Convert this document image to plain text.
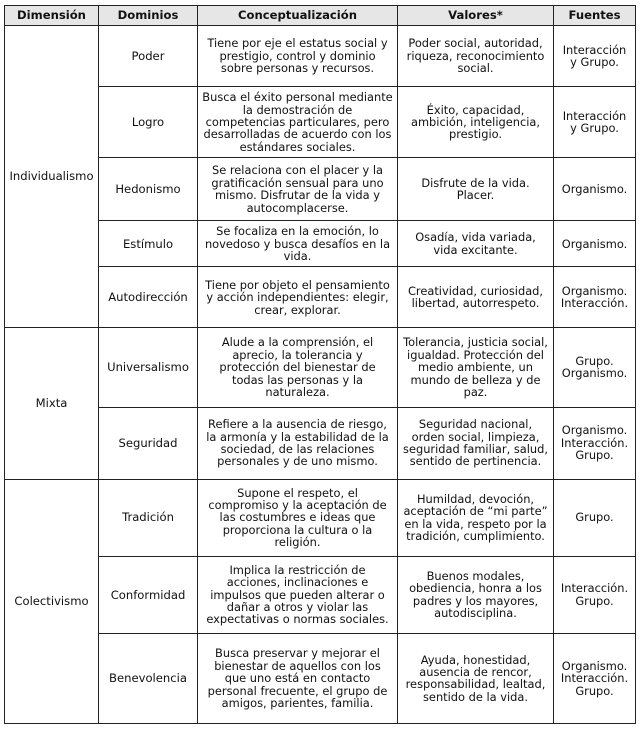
Dimensión	Dominios	Conceptualización	Valores*	Fuentes
Individualismo	Poder	Tiene por eje el estatus social y prestigio, control y dominio sobre personas y recursos.	Poder social, autoridad, riqueza, reconocimiento social.	Interacción y Grupo.
	Logro	Busca el éxito personal mediante la demostración de competencias particulares, pero desarrolladas de acuerdo con los estándares sociales.	Éxito, capacidad, ambición, inteligencia, prestigio.	Interacción y Grupo.
	Hedonismo	Se relaciona con el placer y la gratificación sensual para uno mismo. Disfrutar de la vida y autocomplacerse.	Disfrute de la vida. Placer.	Organismo.
	Estímulo	Se focaliza en la emoción, lo novedoso y busca desafíos en la vida.	Osadía, vida variada, vida excitante.	Organismo.
	Autodirección	Tiene por objeto el pensamiento y acción independientes: elegir, crear, explorar.	Creatividad, curiosidad, libertad, autorrespeto.	Organismo. Interacción.
Mixta	Universalismo	Alude a la comprensión, el aprecio, la tolerancia y protección del bienestar de todas las personas y la naturaleza.	Tolerancia, justicia social, igualdad. Protección del medio ambiente, un mundo de belleza y de paz.	Grupo. Organismo.
	Seguridad	Refiere a la ausencia de riesgo, la armonía y la estabilidad de la sociedad, de las relaciones personales y de uno mismo.	Seguridad nacional, orden social, limpieza, seguridad familiar, salud, sentido de pertinencia.	Organismo. Interacción. Grupo.
Colectivismo	Tradición	Supone el respeto, el compromiso y la aceptación de las costumbres e ideas que proporciona la cultura o la religión.	Humildad, devoción, aceptación de “mi parte” en la vida, respeto por la tradición, cumplimiento.	Grupo.
	Conformidad	Implica la restricción de acciones, inclinaciones e impulsos que pueden alterar o dañar a otros y violar las expectativas o normas sociales.	Buenos modales, obediencia, honra a los padres y los mayores, autodisciplina.	Interacción. Grupo.
	Benevolencia	Busca preservar y mejorar el bienestar de aquellos con los que uno está en contacto personal frecuente, el grupo de amigos, parientes, familia.	Ayuda, honestidad, ausencia de rencor, responsabilidad, lealtad, sentido de la vida.	Organismo. Interacción. Grupo.
